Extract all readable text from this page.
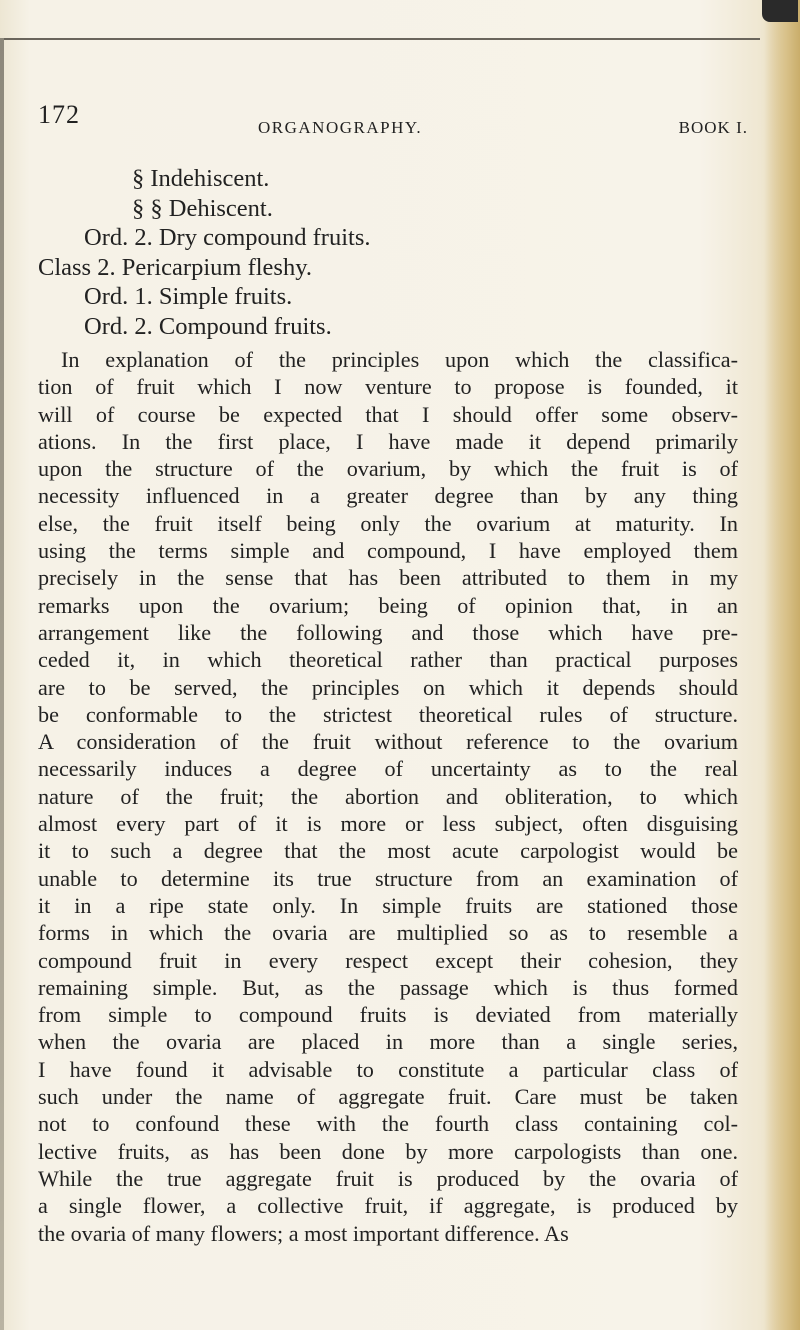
172	ORGANOGRAPHY.	BOOK I.
§ Indehiscent.
§ § Dehiscent.
Ord. 2. Dry compound fruits.
Class 2. Pericarpium fleshy.
Ord. 1. Simple fruits.
Ord. 2. Compound fruits.
In explanation of the principles upon which the classifica-
tion of fruit which I now venture to propose is founded, it
will of course be expected that I should offer some observ-
ations. In the first place, I have made it depend primarily
upon the structure of the ovarium, by which the fruit is of
necessity influenced in a greater degree than by any thing
else, the fruit itself being only the ovarium at maturity. In
using the terms simple and compound, I have employed them
precisely in the sense that has been attributed to them in my
remarks upon the ovarium; being of opinion that, in an
arrangement like the following and those which have pre-
ceded it, in which theoretical rather than practical purposes
are to be served, the principles on which it depends should
be conformable to the strictest theoretical rules of structure.
A consideration of the fruit without reference to the ovarium
necessarily induces a degree of uncertainty as to the real
nature of the fruit; the abortion and obliteration, to which
almost every part of it is more or less subject, often disguising
it to such a degree that the most acute carpologist would be
unable to determine its true structure from an examination of
it in a ripe state only. In simple fruits are stationed those
forms in which the ovaria are multiplied so as to resemble a
compound fruit in every respect except their cohesion, they
remaining simple. But, as the passage which is thus formed
from simple to compound fruits is deviated from materially
when the ovaria are placed in more than a single series,
I have found it advisable to constitute a particular class of
such under the name of aggregate fruit. Care must be taken
not to confound these with the fourth class containing col-
lective fruits, as has been done by more carpologists than one.
While the true aggregate fruit is produced by the ovaria of
a single flower, a collective fruit, if aggregate, is produced by
the ovaria of many flowers; a most important difference. As
